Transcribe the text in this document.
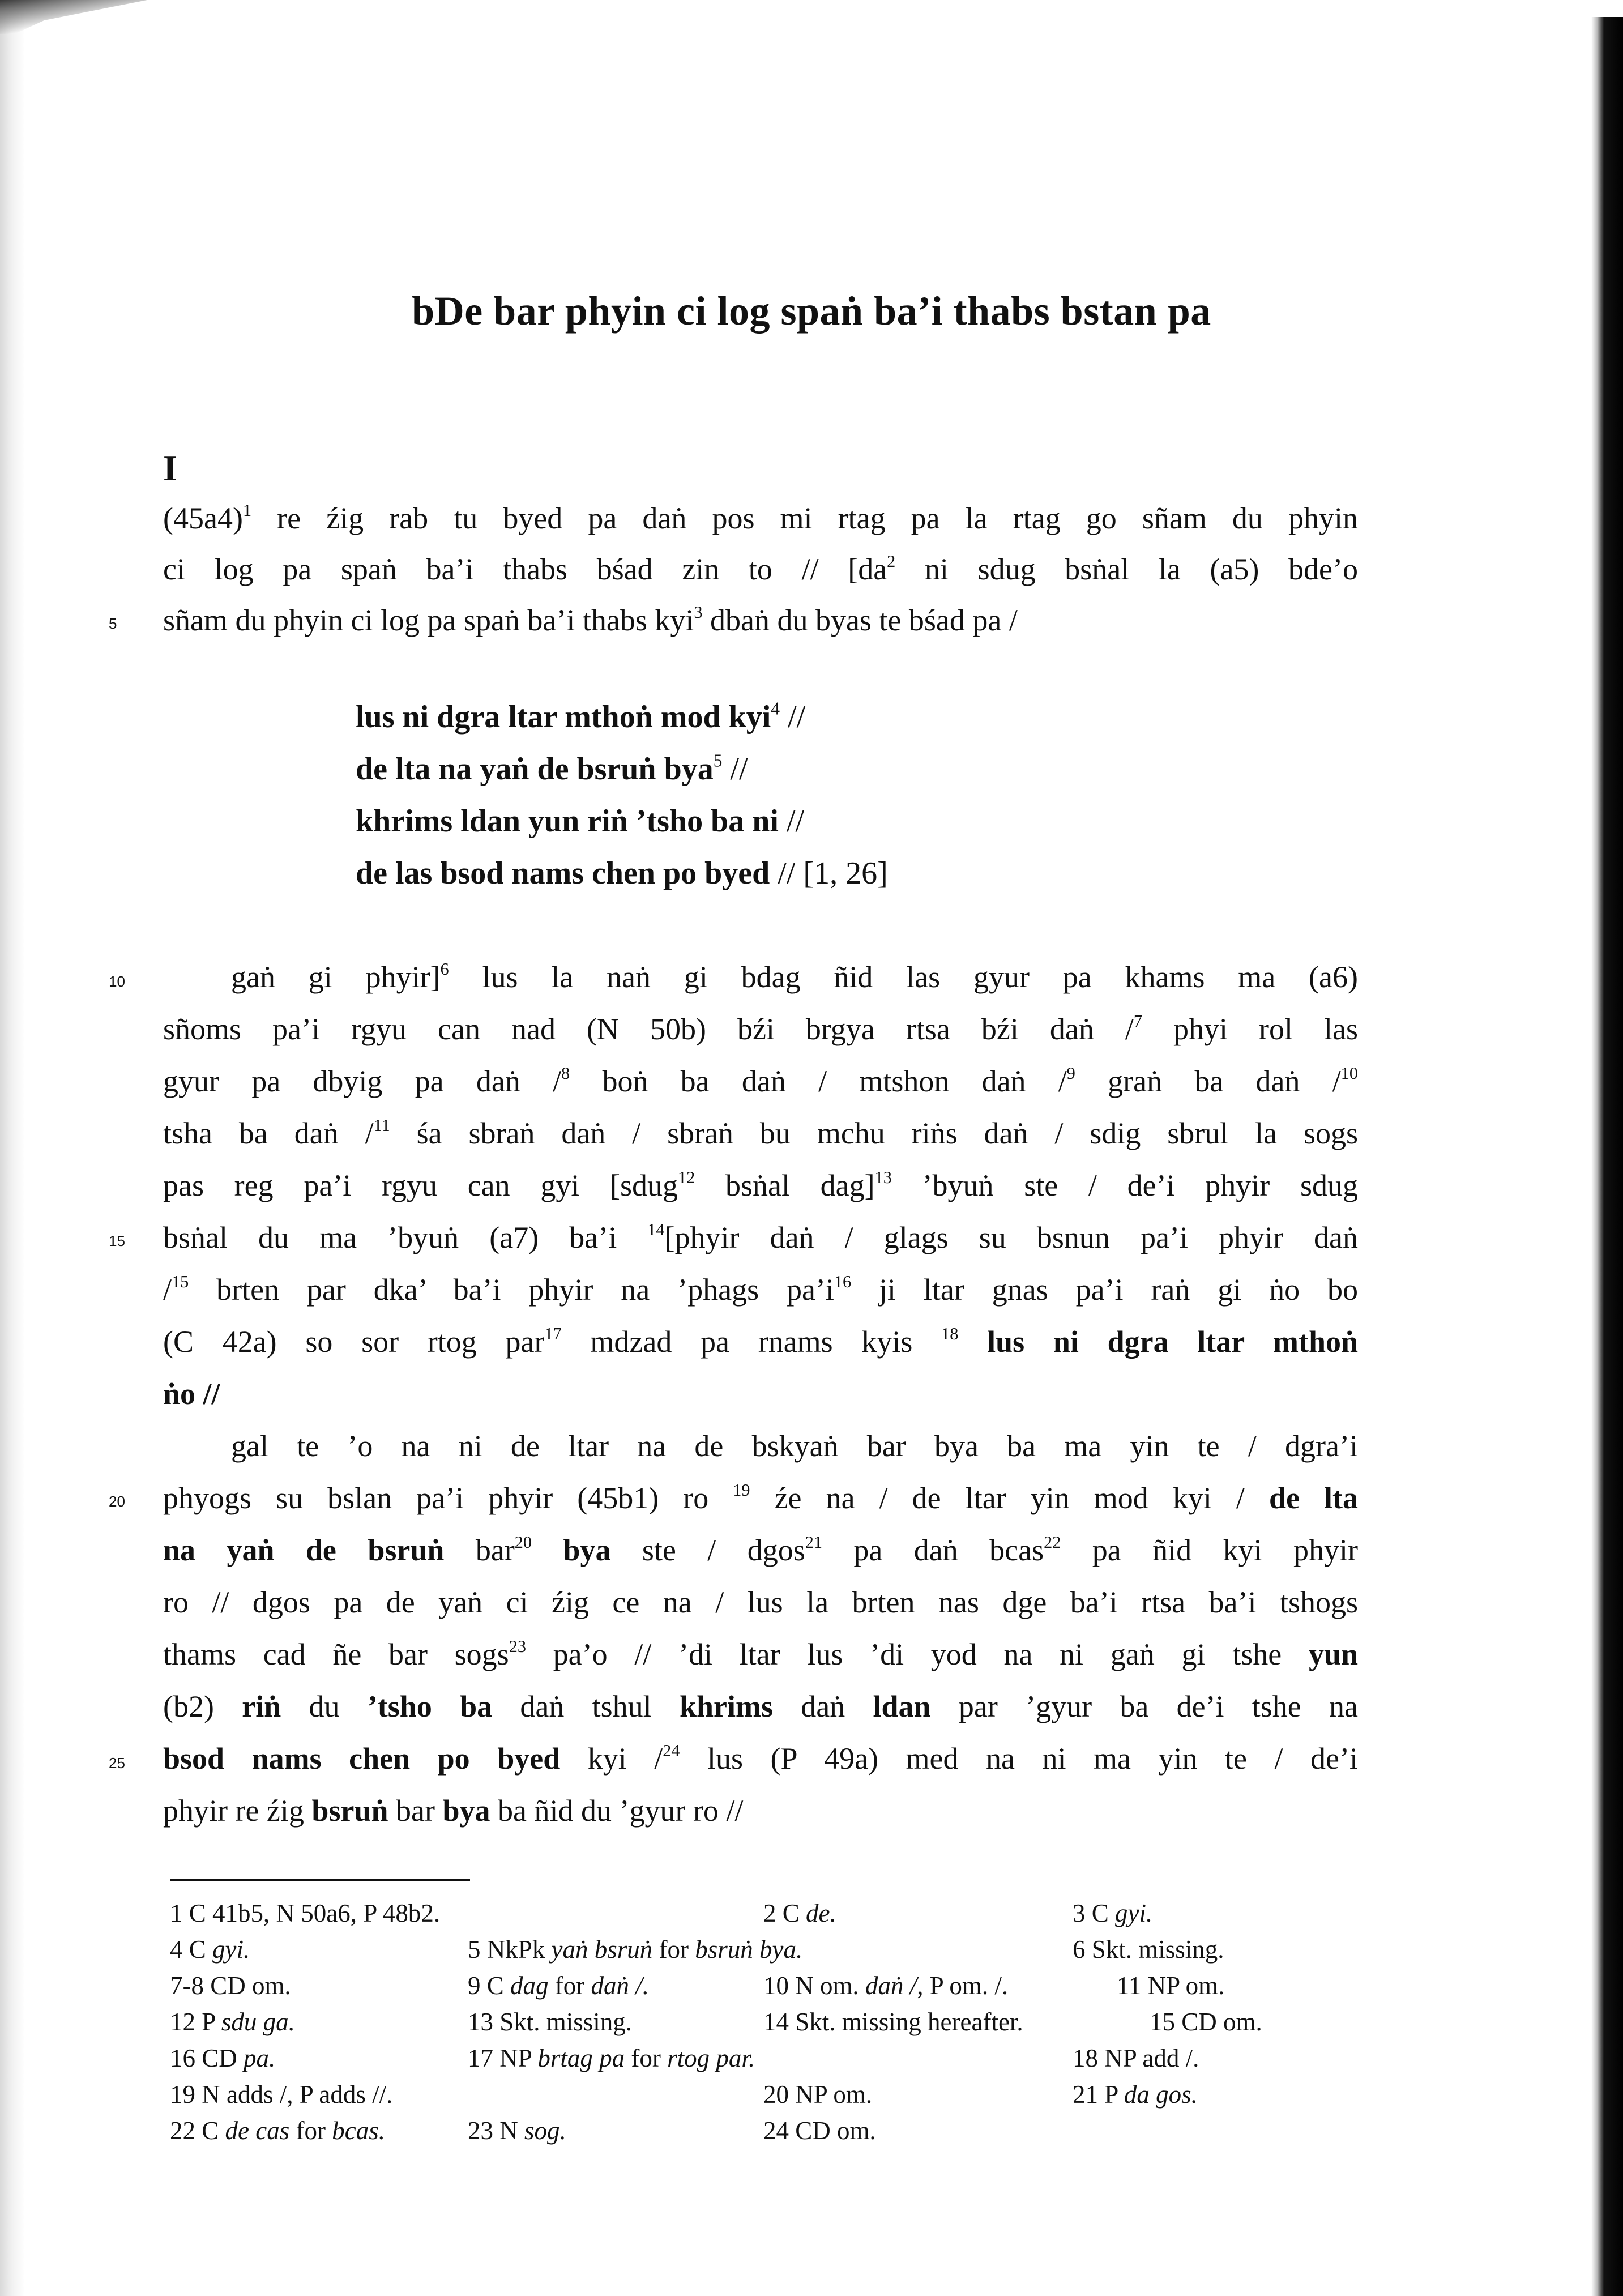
bDe bar phyin ci log spaṅ ba’i thabs bstan pa
I
$(45a4)^1$ re źig rab tu byed pa daṅ pos mi rtag pa la rtag go sñam du phyin
ci log pa spaṅ ba’i thabs bśad zin to // [$da^2$ ni sdug bsṅal la (a5) bde’o
sñam du phyin ci log pa spaṅ ba’i thabs kyi$^3$ dbaṅ du byas te bśad pa /
lus ni dgra ltar mthoṅ mod kyi$^4$ //
de lta na yaṅ de bsruṅ bya$^5$ //
khrims ldan yun riṅ ’tsho ba ni //
de las bsod nams chen po byed // [1, 26]
gaṅ gi phyir]$^6$ lus la naṅ gi bdag ñid las gyur pa khams ma (a6)
sñoms pa’i rgyu can nad (N 50b) bźi brgya rtsa bźi daṅ /$^7$ phyi rol las
gyur pa dbyig pa daṅ /$^8$ boṅ ba daṅ / mtshon daṅ /$^9$ graṅ ba daṅ /$^{10}$
tsha ba daṅ /$^{11}$ śa sbraṅ daṅ / sbraṅ bu mchu riṅs daṅ / sdig sbrul la sogs
pas reg pa’i rgyu can gyi [sdug$^{12}$ bsṅal dag]$^{13}$ ’byuṅ ste / de’i phyir sdug
bsṅal du ma ’byuṅ (a7) ba’i $^{14}$[phyir daṅ / glags su bsnun pa’i phyir daṅ
/$^{15}$ brten par dka’ ba’i phyir na ’phags $pa’i^{16}$ ji ltar gnas pa’i raṅ gi ṅo bo
(C 42a) so sor rtog par$^{17}$ mdzad pa rnams kyis $^{18}$ lus ni dgra ltar mthoṅ
ṅo //
gal te ’o na ni de ltar na de bskyaṅ bar bya ba ma yin te / dgra’i
phyogs su bslan pa’i phyir (45b1) ro $^{19}$ źe na / de ltar yin mod kyi / de lta
na yaṅ de bsruṅ bar$^{20}$ bya ste / dgos$^{21}$ pa daṅ bcas$^{22}$ pa ñid kyi phyir
ro // dgos pa de yaṅ ci źig ce na / lus la brten nas dge ba’i rtsa ba’i tshogs
thams cad ñe bar sogs$^{23}$ pa’o // ’di ltar lus ’di yod na ni gaṅ gi tshe yun
(b2) riṅ du ’tsho ba daṅ tshul khrims daṅ ldan par ’gyur ba de’i tshe na
bsod nams chen po byed kyi /$^{24}$ lus (P 49a) med na ni ma yin te / de’i
phyir re źig bsruṅ bar bya ba ñid du ’gyur ro //
5
10
15
20
25
1 C 41b5, N 50a6, P 48b2.	2 C de.	3 C gyi.
4 C gyi.	5 NkPk yaṅ bsruṅ for bsruṅ bya.	6 Skt. missing.
7-8 CD om.	9 C dag for daṅ /.	10 N om. daṅ /, P om. /.	11 NP om.
12 P sdu ga.	13 Skt. missing.	14 Skt. missing hereafter.	15 CD om.
16 CD pa.	17 NP brtag pa for rtog par.	18 NP add /.
19 N adds /, P adds //.	20 NP om.	21 P da gos.
22 C de cas for bcas.	23 N sog.	24 CD om.
